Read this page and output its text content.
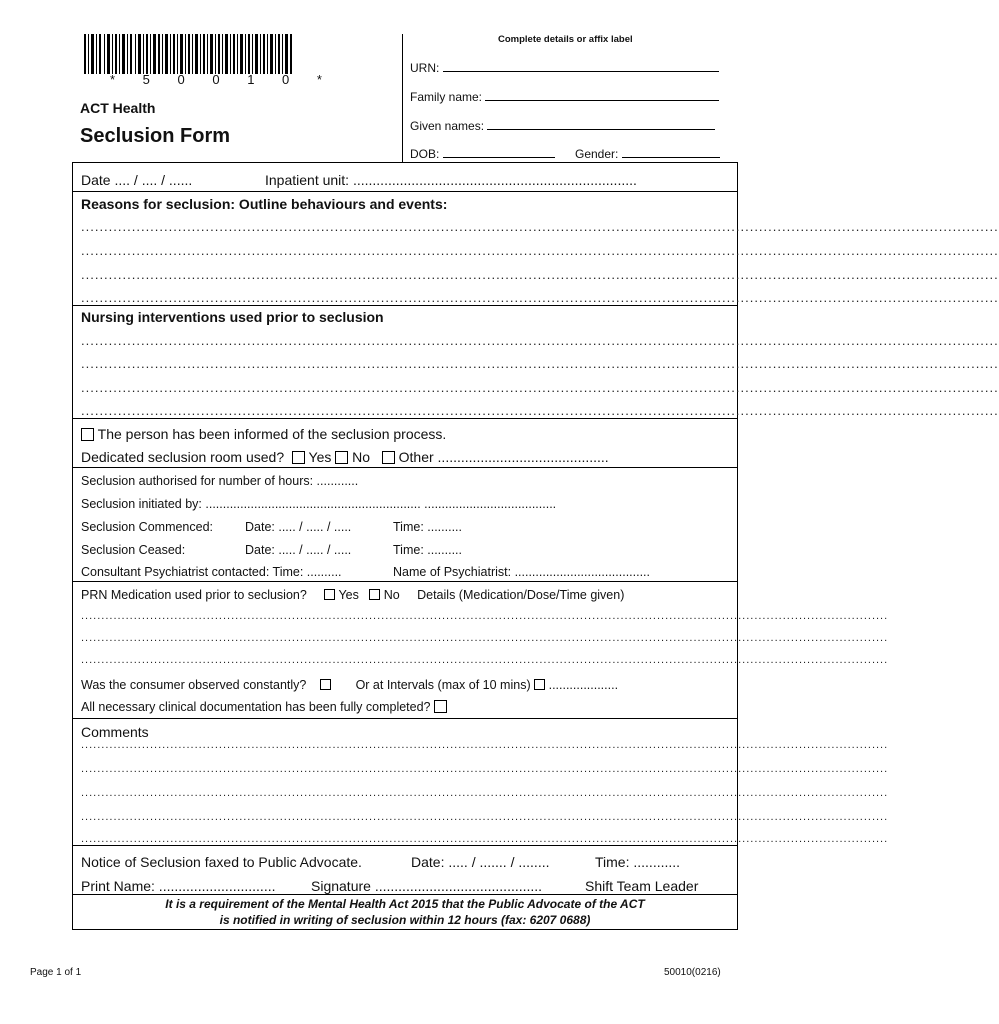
* 5 0 0 1 0 *
ACT Health
Seclusion Form
Complete details or affix label
URN:
Family name:
Given names:
DOB:	Gender:
Date .... / .... / ......	Inpatient unit: .........................................................................
Reasons for seclusion: Outline behaviours and events:
.......................................................................................................................................................................................................
.......................................................................................................................................................................................................
.......................................................................................................................................................................................................
.......................................................................................................................................................................................................
Nursing interventions used prior to seclusion
.......................................................................................................................................................................................................
.......................................................................................................................................................................................................
.......................................................................................................................................................................................................
.......................................................................................................................................................................................................
The person has been informed of the seclusion process.
Dedicated seclusion room used? Yes No Other ............................................
Seclusion authorised for number of hours: ............
Seclusion initiated by: .............................................................. ......................................
Seclusion Commenced:	Date: ..... / ..... / .....	Time: ..........
Seclusion Ceased:	Date: ..... / ..... / .....	Time: ..........
Consultant Psychiatrist contacted: Time: ..........	Name of Psychiatrist: .......................................
PRN Medication used prior to seclusion?	Yes No Details (Medication/Dose/Time given)
.......................................................................................................................................................................................................
.......................................................................................................................................................................................................
.......................................................................................................................................................................................................
Was the consumer observed constantly?	Or at Intervals (max of 10 mins) ....................
All necessary clinical documentation has been fully completed?
Comments
.......................................................................................................................................................................................................
.......................................................................................................................................................................................................
.......................................................................................................................................................................................................
.......................................................................................................................................................................................................
.......................................................................................................................................................................................................
Notice of Seclusion faxed to Public Advocate.	Date: ..... / ....... / ........	Time: ............
Print Name: ..............................	Signature ...........................................	Shift Team Leader
It is a requirement of the Mental Health Act 2015 that the Public Advocate of the ACT
is notified in writing of seclusion within 12 hours (fax: 6207 0688)
Page 1 of 1	50010(0216)
